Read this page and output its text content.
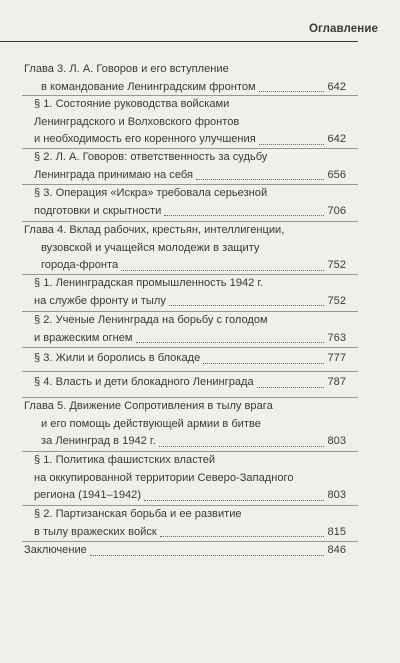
Оглавление
Глава 3. Л. А. Говоров и его вступление
в командование Ленинградским фронтом	642
§ 1. Состояние руководства войсками
Ленинградского и Волховского фронтов
и необходимость его коренного улучшения	642
§ 2. Л. А. Говоров: ответственность за судьбу
Ленинграда принимаю на себя	656
§ 3. Операция «Искра» требовала серьезной
подготовки и скрытности	706
Глава 4. Вклад рабочих, крестьян, интеллигенции,
вузовской и учащейся молодежи в защиту
города-фронта	752
§ 1. Ленинградская промышленность 1942 г.
на службе фронту и тылу	752
§ 2. Ученые Ленинграда на борьбу с голодом
и вражеским огнем	763
§ 3. Жили и боролись в блокаде	777
§ 4. Власть и дети блокадного Ленинграда	787
Глава 5. Движение Сопротивления в тылу врага
и его помощь действующей армии в битве
за Ленинград в 1942 г.	803
§ 1. Политика фашистских властей
на оккупированной территории Северо-Западного
региона (1941–1942)	803
§ 2. Партизанская борьба и ее развитие
в тылу вражеских войск	815
Заключение	846
